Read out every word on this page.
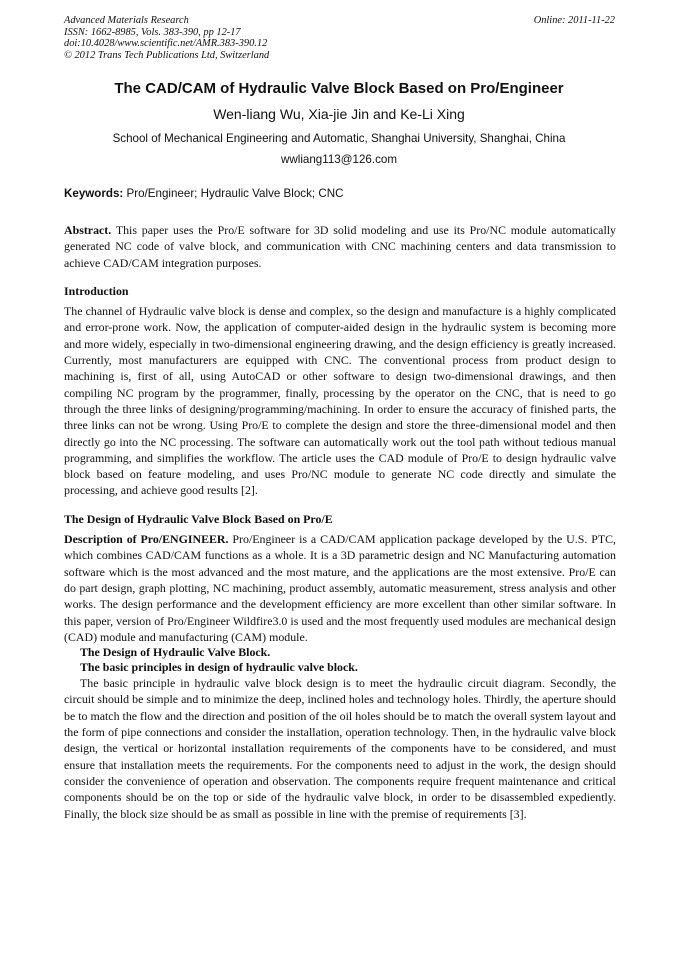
Advanced Materials Research
ISSN: 1662-8985, Vols. 383-390, pp 12-17
doi:10.4028/www.scientific.net/AMR.383-390.12
© 2012 Trans Tech Publications Ltd, Switzerland
Online: 2011-11-22
The CAD/CAM of Hydraulic Valve Block Based on Pro/Engineer
Wen-liang Wu, Xia-jie Jin and Ke-Li Xing
School of Mechanical Engineering and Automatic, Shanghai University, Shanghai, China
wwliang113@126.com
Keywords: Pro/Engineer; Hydraulic Valve Block; CNC

Abstract. This paper uses the Pro/E software for 3D solid modeling and use its Pro/NC module automatically generated NC code of valve block, and communication with CNC machining centers and data transmission to achieve CAD/CAM integration purposes.

Introduction

The channel of Hydraulic valve block is dense and complex, so the design and manufacture is a highly complicated and error-prone work. Now, the application of computer-aided design in the hydraulic system is becoming more and more widely, especially in two-dimensional engineering drawing, and the design efficiency is greatly increased. Currently, most manufacturers are equipped with CNC. The conventional process from product design to machining is, first of all, using AutoCAD or other software to design two-dimensional drawings, and then compiling NC program by the programmer, finally, processing by the operator on the CNC, that is need to go through the three links of designing/programming/machining. In order to ensure the accuracy of finished parts, the three links can not be wrong. Using Pro/E to complete the design and store the three-dimensional model and then directly go into the NC processing. The software can automatically work out the tool path without tedious manual programming, and simplifies the workflow. The article uses the CAD module of Pro/E to design hydraulic valve block based on feature modeling, and uses Pro/NC module to generate NC code directly and simulate the processing, and achieve good results [2].

The Design of Hydraulic Valve Block Based on Pro/E

Description of Pro/ENGINEER. Pro/Engineer is a CAD/CAM application package developed by the U.S. PTC, which combines CAD/CAM functions as a whole. It is a 3D parametric design and NC Manufacturing automation software which is the most advanced and the most mature, and the applications are the most extensive. Pro/E can do part design, graph plotting, NC machining, product assembly, automatic measurement, stress analysis and other works. The design performance and the development efficiency are more excellent than other similar software. In this paper, version of Pro/Engineer Wildfire3.0 is used and the most frequently used modules are mechanical design (CAD) module and manufacturing (CAM) module.

The Design of Hydraulic Valve Block.

The basic principles in design of hydraulic valve block.

The basic principle in hydraulic valve block design is to meet the hydraulic circuit diagram. Secondly, the circuit should be simple and to minimize the deep, inclined holes and technology holes. Thirdly, the aperture should be to match the flow and the direction and position of the oil holes should be to match the overall system layout and the form of pipe connections and consider the installation, operation technology. Then, in the hydraulic valve block design, the vertical or horizontal installation requirements of the components have to be considered, and must ensure that installation meets the requirements. For the components need to adjust in the work, the design should consider the convenience of operation and observation. The components require frequent maintenance and critical components should be on the top or side of the hydraulic valve block, in order to be disassembled expediently. Finally, the block size should be as small as possible in line with the premise of requirements [3].
